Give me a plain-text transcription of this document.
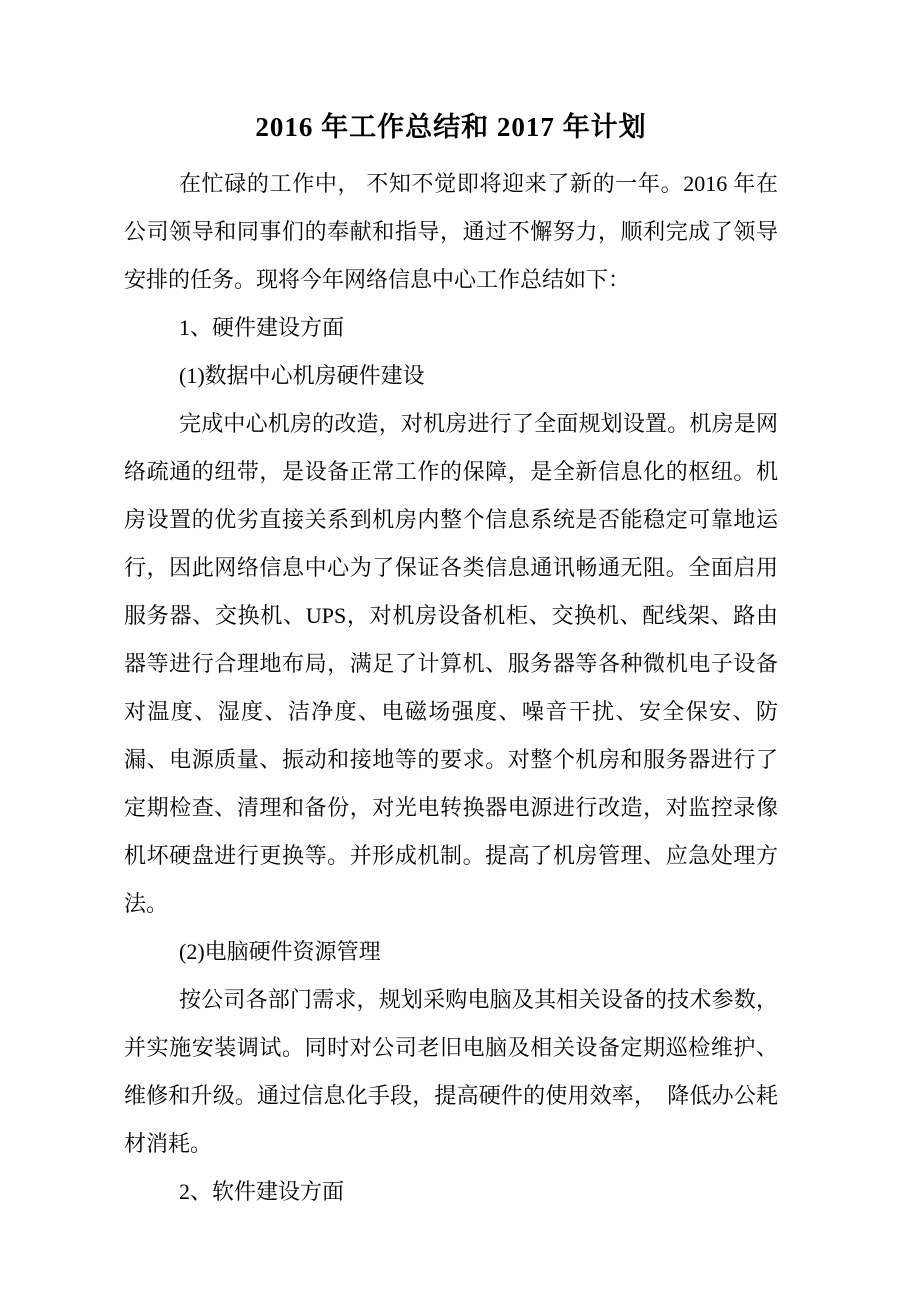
2016 年工作总结和 2017 年计划

在忙碌的工作中， 不知不觉即将迎来了新的一年。2016 年在公司领导和同事们的奉献和指导，通过不懈努力，顺利完成了领导安排的任务。现将今年网络信息中心工作总结如下：

1、硬件建设方面

(1)数据中心机房硬件建设

完成中心机房的改造，对机房进行了全面规划设置。机房是网络疏通的纽带，是设备正常工作的保障，是全新信息化的枢纽。机房设置的优劣直接关系到机房内整个信息系统是否能稳定可靠地运行，因此网络信息中心为了保证各类信息通讯畅通无阻。全面启用服务器、交换机、UPS，对机房设备机柜、交换机、配线架、路由器等进行合理地布局，满足了计算机、服务器等各种微机电子设备对温度、湿度、洁净度、电磁场强度、噪音干扰、安全保安、防漏、电源质量、振动和接地等的要求。对整个机房和服务器进行了定期检查、清理和备份，对光电转换器电源进行改造，对监控录像机坏硬盘进行更换等。并形成机制。提高了机房管理、应急处理方法。

(2)电脑硬件资源管理

按公司各部门需求，规划采购电脑及其相关设备的技术参数，并实施安装调试。同时对公司老旧电脑及相关设备定期巡检维护、维修和升级。通过信息化手段，提高硬件的使用效率，　降低办公耗材消耗。

2、软件建设方面
